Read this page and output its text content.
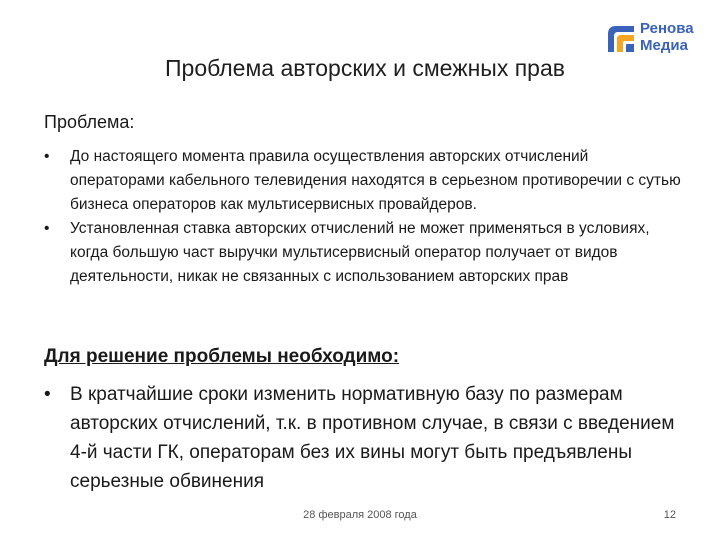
Ренова
Медиа
Проблема авторских и смежных прав
Проблема:
• До настоящего момента правила осуществления авторских отчислений операторами кабельного телевидения находятся в серьезном противоречии с сутью бизнеса операторов как мультисервисных провайдеров.
• Установленная ставка авторских отчислений не может применяться в условиях, когда большую част выручки мультисервисный оператор получает от видов деятельности, никак не связанных с использованием авторских прав
Для решение проблемы необходимо:
• В кратчайшие сроки изменить нормативную базу по размерам авторских отчислений, т.к. в противном случае, в связи с введением 4-й части ГК, операторам без их вины могут быть предъявлены серьезные обвинения
28 февраля 2008 года	12
